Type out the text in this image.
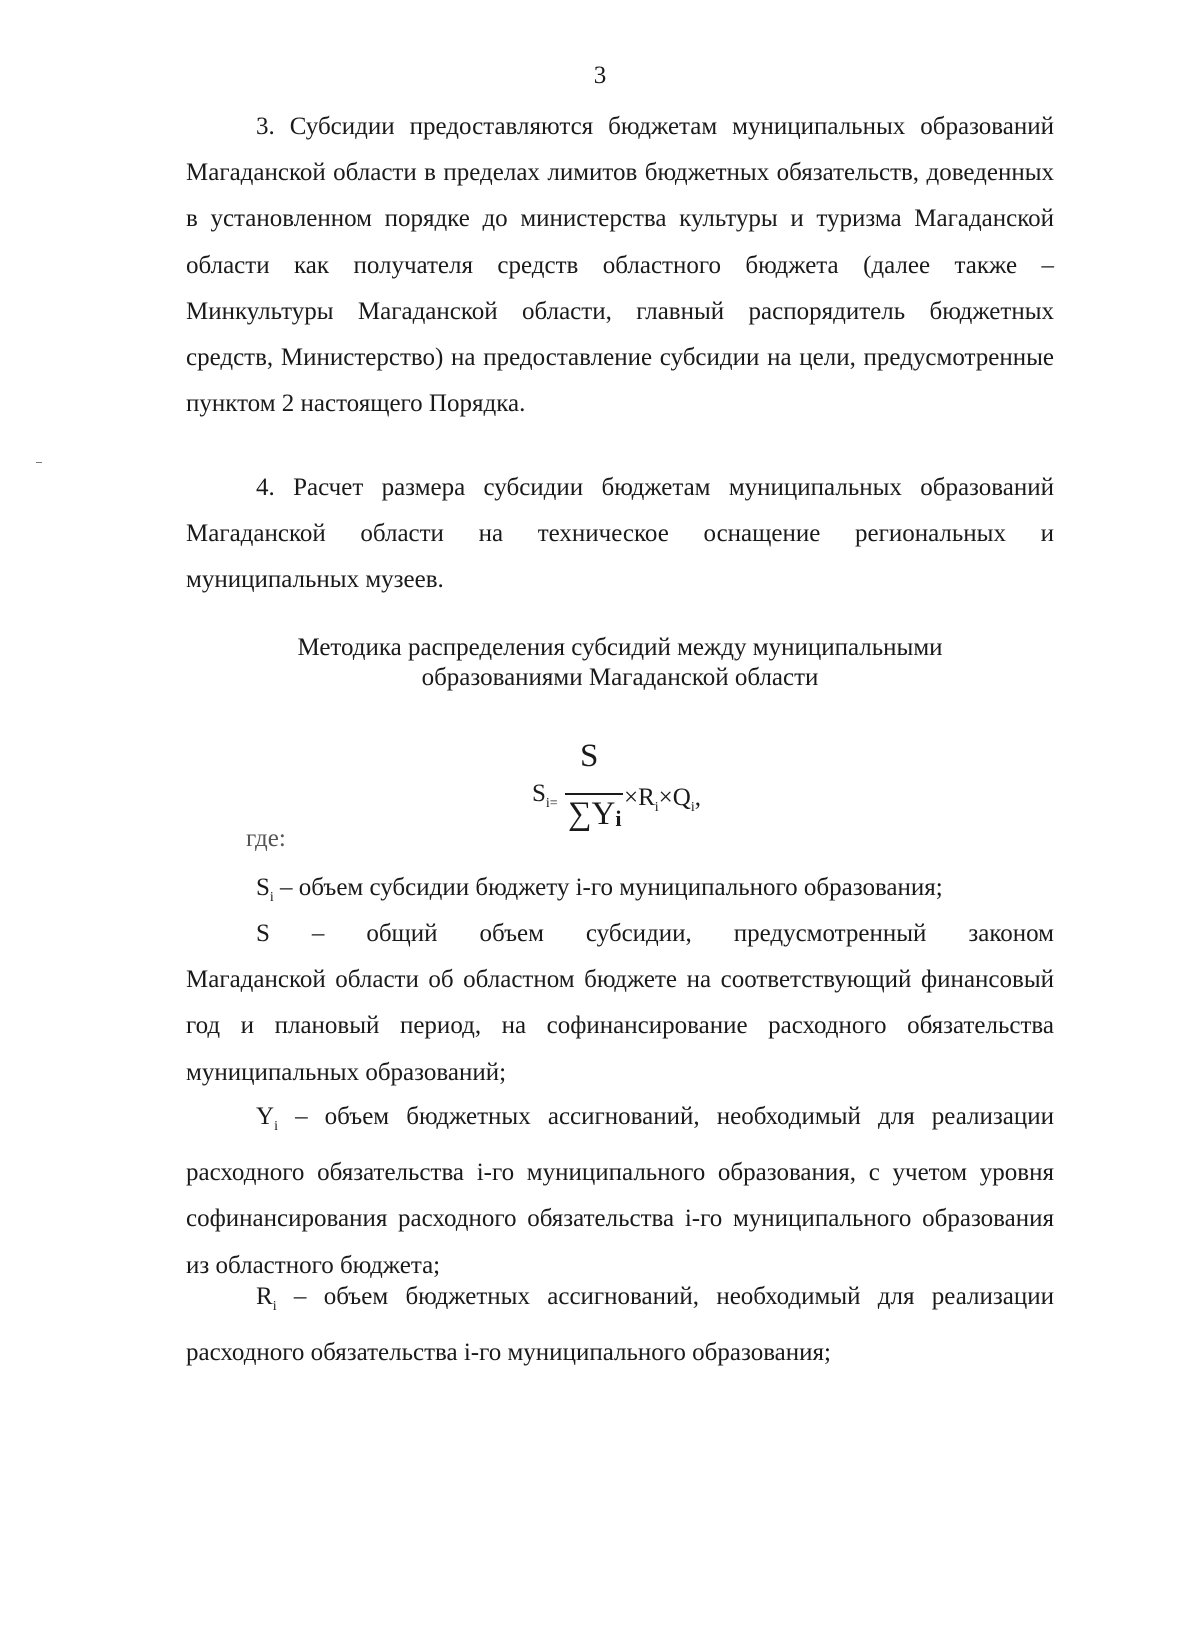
3

3. Субсидии предоставляются бюджетам муниципальных образований Магаданской области в пределах лимитов бюджетных обязательств, доведенных в установленном порядке до министерства культуры и туризма Магаданской области как получателя средств областного бюджета (далее также – Минкультуры Магаданской области, главный распорядитель бюджетных средств, Министерство) на предоставление субсидии на цели, предусмотренные пунктом 2 настоящего Порядка.

4. Расчет размера субсидии бюджетам муниципальных образований Магаданской области на техническое оснащение региональных и муниципальных музеев.

Методика распределения субсидий между муниципальными
образованиями Магаданской области
$S_{i=}$
S
∑Yi
$\times R_i\times Q_i$,
где:

$S_i$ – объем субсидии бюджету i-го муниципального образования;

S – общий объем субсидии, предусмотренный законом

Магаданской области об областном бюджете на соответствующий финансовый год и плановый период, на софинансирование расходного обязательства муниципальных образований;

$Y_i$ – объем бюджетных ассигнований, необходимый для реализации расходного обязательства i-го муниципального образования, с учетом уровня софинансирования расходного обязательства i-го муниципального образования из областного бюджета;

$R_i$ – объем бюджетных ассигнований, необходимый для реализации расходного обязательства i-го муниципального образования;
